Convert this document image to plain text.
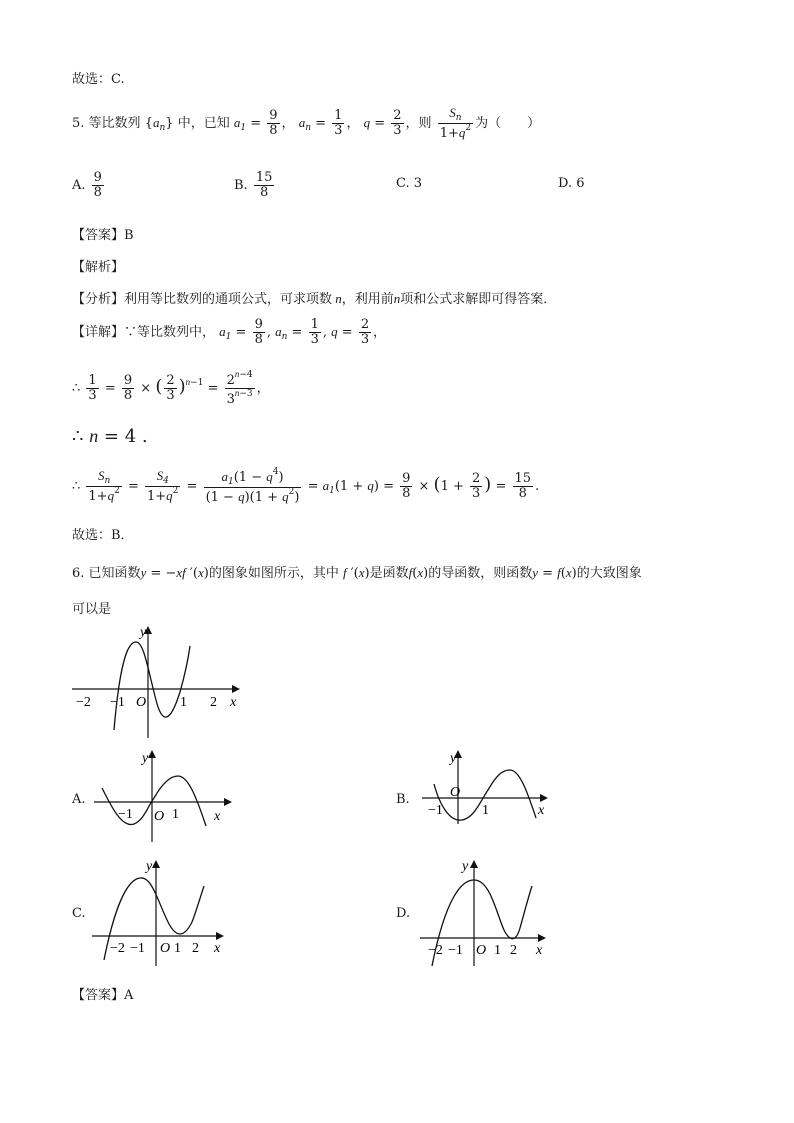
故选：C.
5. 等比数列 $\{a_n\}$ 中，已知 $a_1 = \frac{9}{8}$ ， $a_n = \frac{1}{3}$ ， $q = \frac{2}{3}$ ，则 $\frac{S_n}{1+q^2}$ 为（　　）
A. $\frac{9}{8}$	B. $\frac{15}{8}$	C. 3	D. 6
【答案】B
【解析】
【分析】利用等比数列的通项公式，可求项数 n，利用前n项和公式求解即可得答案．
【详解】∵等比数列中， $a_1 = \frac{9}{8}$ , $a_n = \frac{1}{3}$ , $q = \frac{2}{3}$ ，
∴ $\frac{1}{3} = \frac{9}{8}$ × ( $\frac{2}{3} )^{n-1} = \frac{2^{n-4}}{3^{n-3}}$ ，
∴ n = 4 .
∴ $\frac{S_n}{1+q^2} = \frac{S_4}{1+q^2} = \frac{a_1(1 - q^4)}{(1 - q)(1 + q^2)} = a_1(1 + q) = \frac{9}{8} \times (1 + \frac{2}{3}$ ) = $\frac{15}{8}$ .
故选：B．
6. 已知函数y = −xf ′(x)的图象如图所示，其中 f ′(x)是函数f(x)的导函数，则函数y = f(x)的大致图象
可以是
y
x
O
−2 −1	1 2
A.
y
x
O
−1	1
B.
y
x
O
−1	1
C.
y
x
O
−2 −1 1 2
D.
y
x
O
−2 −1 1 2
【答案】A
